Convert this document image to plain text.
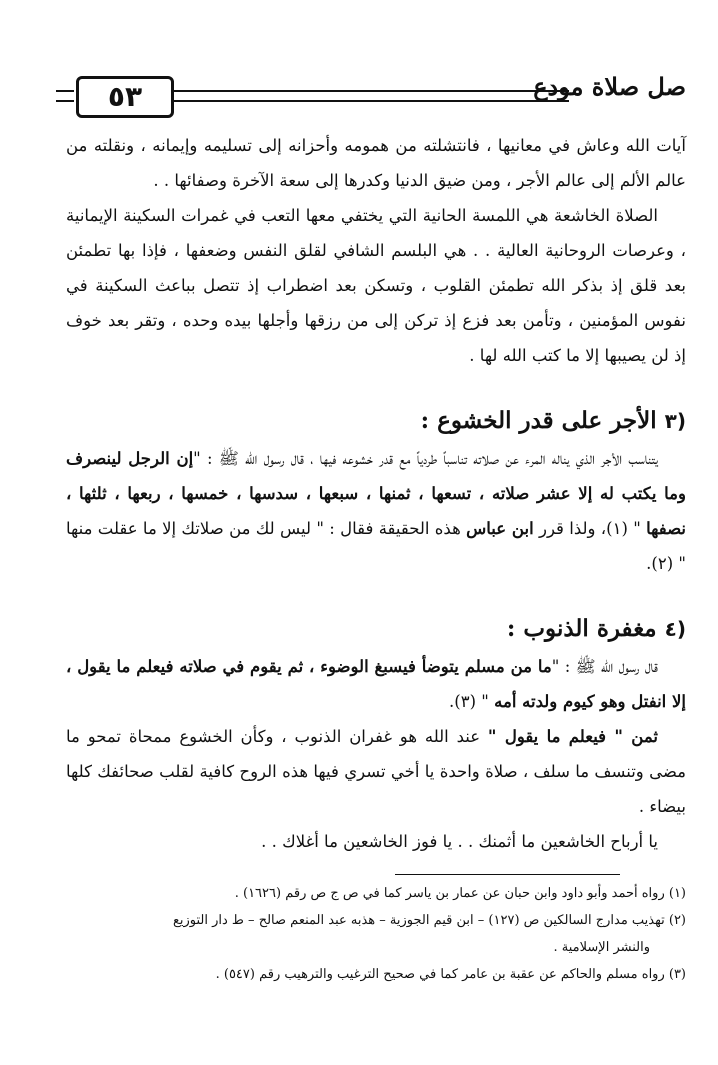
٥٣	صل صلاة مودع

آيات الله وعاش في معانيها ، فانتشلته من همومه وأحزانه إلى تسليمه وإيمانه ، ونقلته من عالم الألم إلى عالم الأجر ، ومن ضيق الدنيا وكدرها إلى سعة الآخرة وصفائها . .

الصلاة الخاشعة هي اللمسة الحانية التي يختفي معها التعب في غمرات السكينة الإيمانية ، وعرصات الروحانية العالية . . هي البلسم الشافي لقلق النفس وضعفها ، فإذا بها تطمئن بعد قلق إذ بذكر الله تطمئن القلوب ، وتسكن بعد اضطراب إذ تتصل بباعث السكينة في نفوس المؤمنين ، وتأمن بعد فزع إذ تركن إلى من رزقها وأجلها بيده وحده ، وتقر بعد خوف إذ لن يصيبها إلا ما كتب الله لها .

(٣ الأجر على قدر الخشوع :

يتناسب الأجر الذي يناله المرء عن صلاته تناسباً طردياً مع قدر خشوعه فيها ، قال رسول الله ﷺ : "إن الرجل لينصرف وما يكتب له إلا عشر صلاته ، تسعها ، ثمنها ، سبعها ، سدسها ، خمسها ، ربعها ، ثلثها ، نصفها " (١)، ولذا قرر ابن عباس هذه الحقيقة فقال : " ليس لك من صلاتك إلا ما عقلت منها " (٢).

(٤ مغفرة الذنوب :

قال رسول الله ﷺ : "ما من مسلم يتوضأ فيسبغ الوضوء ، ثم يقوم في صلاته فيعلم ما يقول ، إلا انفتل وهو كيوم ولدته أمه " (٣).

ثمن " فيعلم ما يقول " عند الله هو غفران الذنوب ، وكأن الخشوع ممحاة تمحو ما مضى وتنسف ما سلف ، صلاة واحدة يا أخي تسري فيها هذه الروح كافية لقلب صحائفك كلها بيضاء .

يا أرباح الخاشعين ما أثمنك . . يا فوز الخاشعين ما أغلاك . .

(١) رواه أحمد وأبو داود وابن حبان عن عمار بن ياسر كما في ص ج ص رقم (١٦٢٦) .

(٢) تهذيب مدارج السالكين ص (١٢٧) – ابن قيم الجوزية – هذبه عبد المنعم صالح – ط دار التوزيع

والنشر الإسلامية .

(٣) رواه مسلم والحاكم عن عقبة بن عامر كما في صحيح الترغيب والترهيب رقم (٥٤٧) .
